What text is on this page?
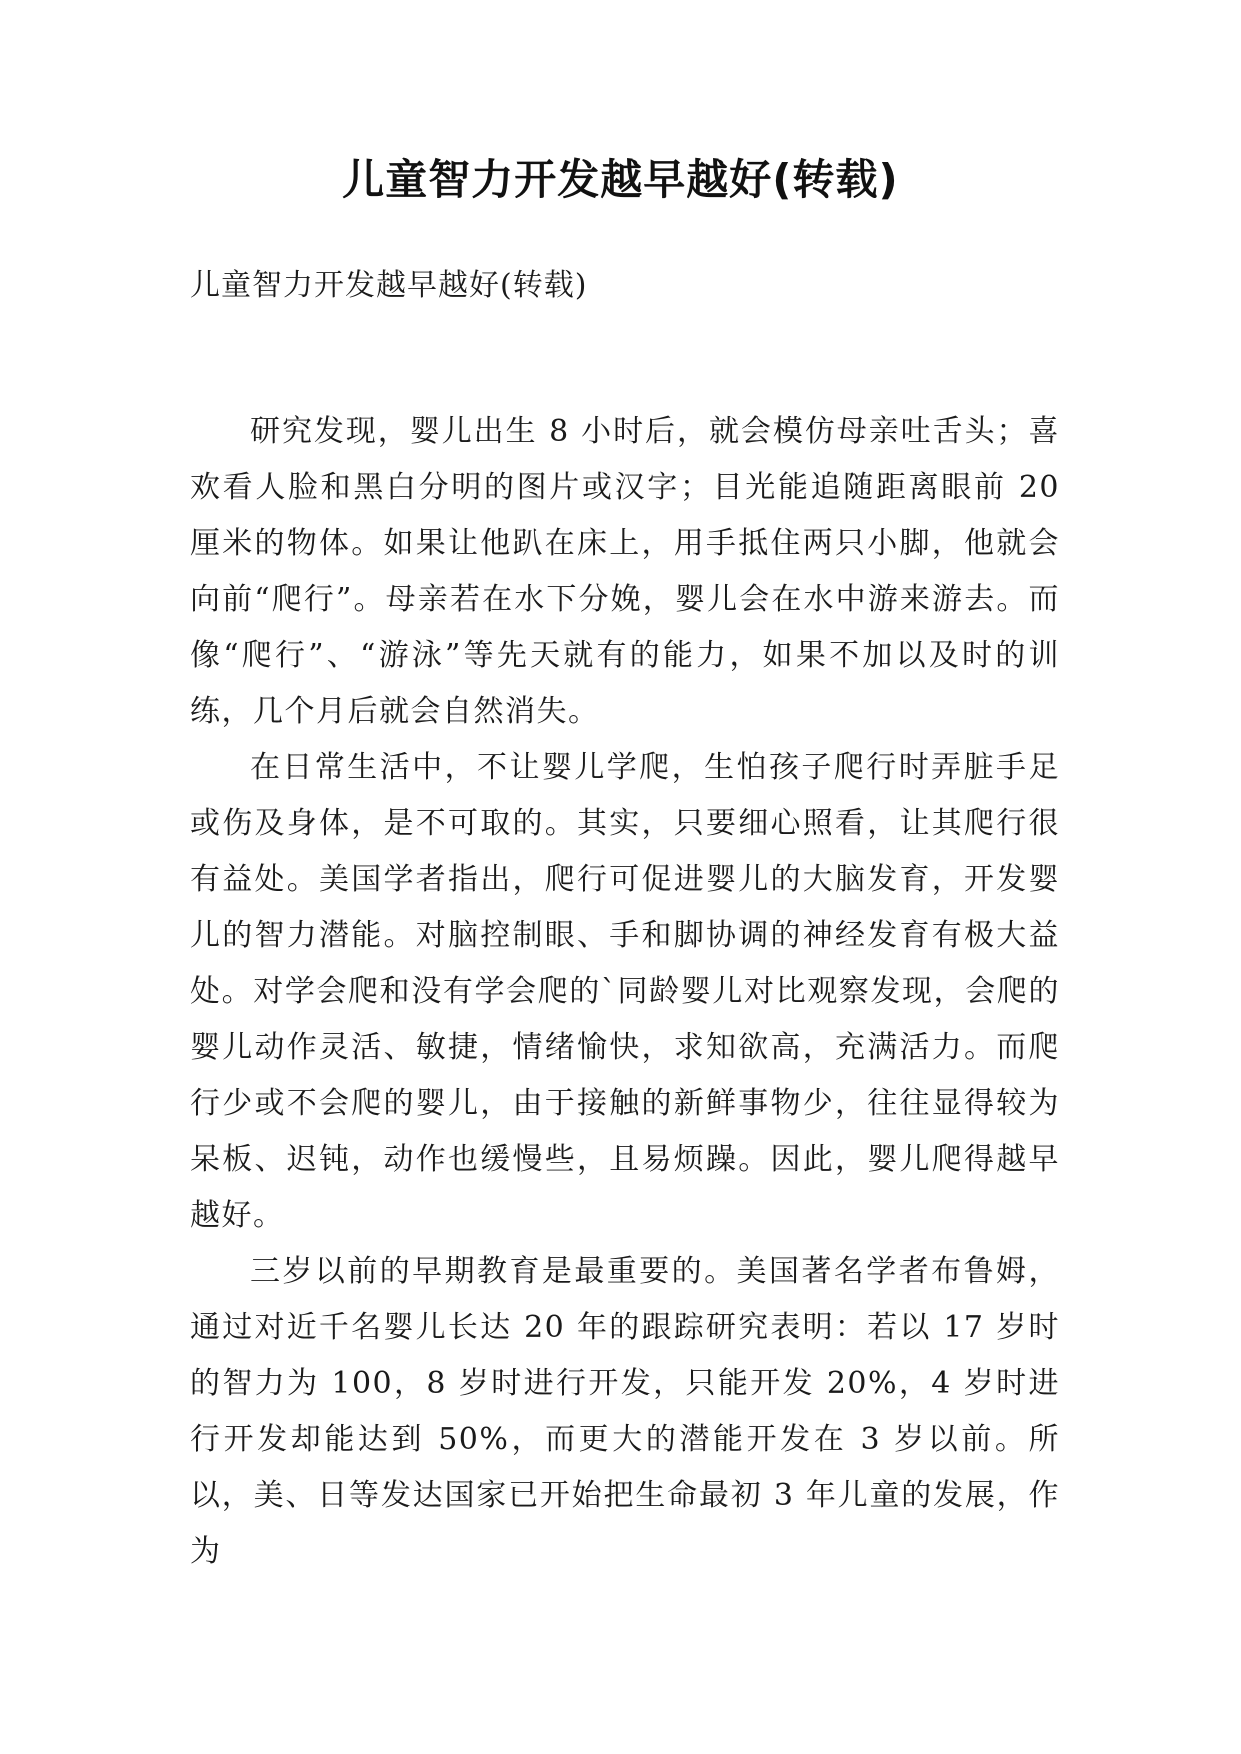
儿童智力开发越早越好(转载)

儿童智力开发越早越好(转载)

研究发现，婴儿出生 8 小时后，就会模仿母亲吐舌头；喜欢看人脸和黑白分明的图片或汉字；目光能追随距离眼前 20 厘米的物体。如果让他趴在床上，用手抵住两只小脚，他就会向前“爬行”。母亲若在水下分娩，婴儿会在水中游来游去。而像“爬行”、“游泳”等先天就有的能力，如果不加以及时的训练，几个月后就会自然消失。

在日常生活中，不让婴儿学爬，生怕孩子爬行时弄脏手足或伤及身体，是不可取的。其实，只要细心照看，让其爬行很有益处。美国学者指出，爬行可促进婴儿的大脑发育，开发婴儿的智力潜能。对脑控制眼、手和脚协调的神经发育有极大益处。对学会爬和没有学会爬的`同龄婴儿对比观察发现，会爬的婴儿动作灵活、敏捷，情绪愉快，求知欲高，充满活力。而爬行少或不会爬的婴儿，由于接触的新鲜事物少，往往显得较为呆板、迟钝，动作也缓慢些，且易烦躁。因此，婴儿爬得越早越好。

三岁以前的早期教育是最重要的。美国著名学者布鲁姆，通过对近千名婴儿长达 20 年的跟踪研究表明：若以 17 岁时的智力为 100，8 岁时进行开发，只能开发 20%，4 岁时进行开发却能达到 50%，而更大的潜能开发在 3 岁以前。所以，美、日等发达国家已开始把生命最初 3 年儿童的发展，作为
